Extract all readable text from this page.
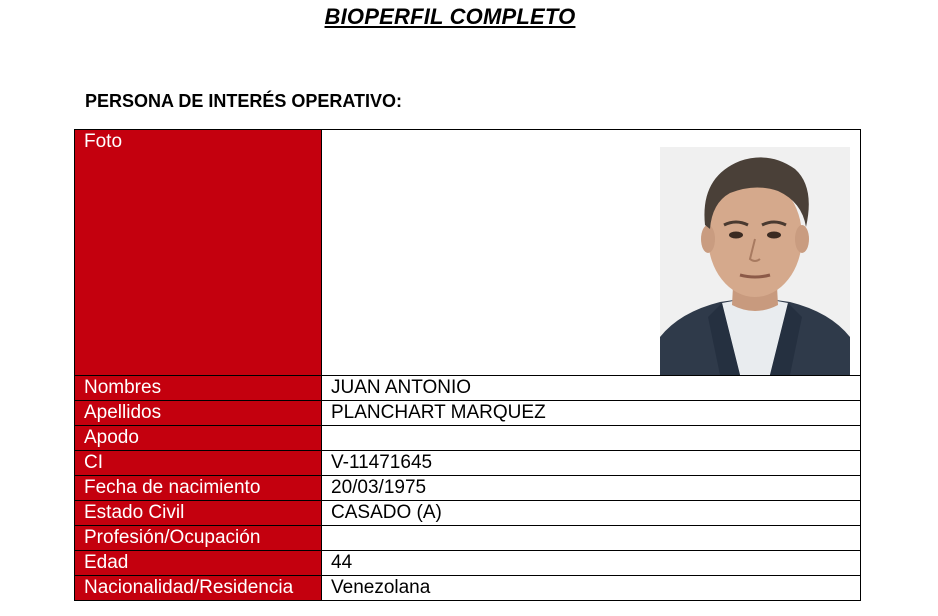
BIOPERFIL COMPLETO
PERSONA DE INTERÉS OPERATIVO:
Foto	

Nombres	JUAN ANTONIO
Apellidos	PLANCHART MARQUEZ
Apodo	
CI	V-11471645
Fecha de nacimiento	20/03/1975
Estado Civil	CASADO (A)
Profesión/Ocupación	
Edad	44
Nacionalidad/Residencia	Venezolana
